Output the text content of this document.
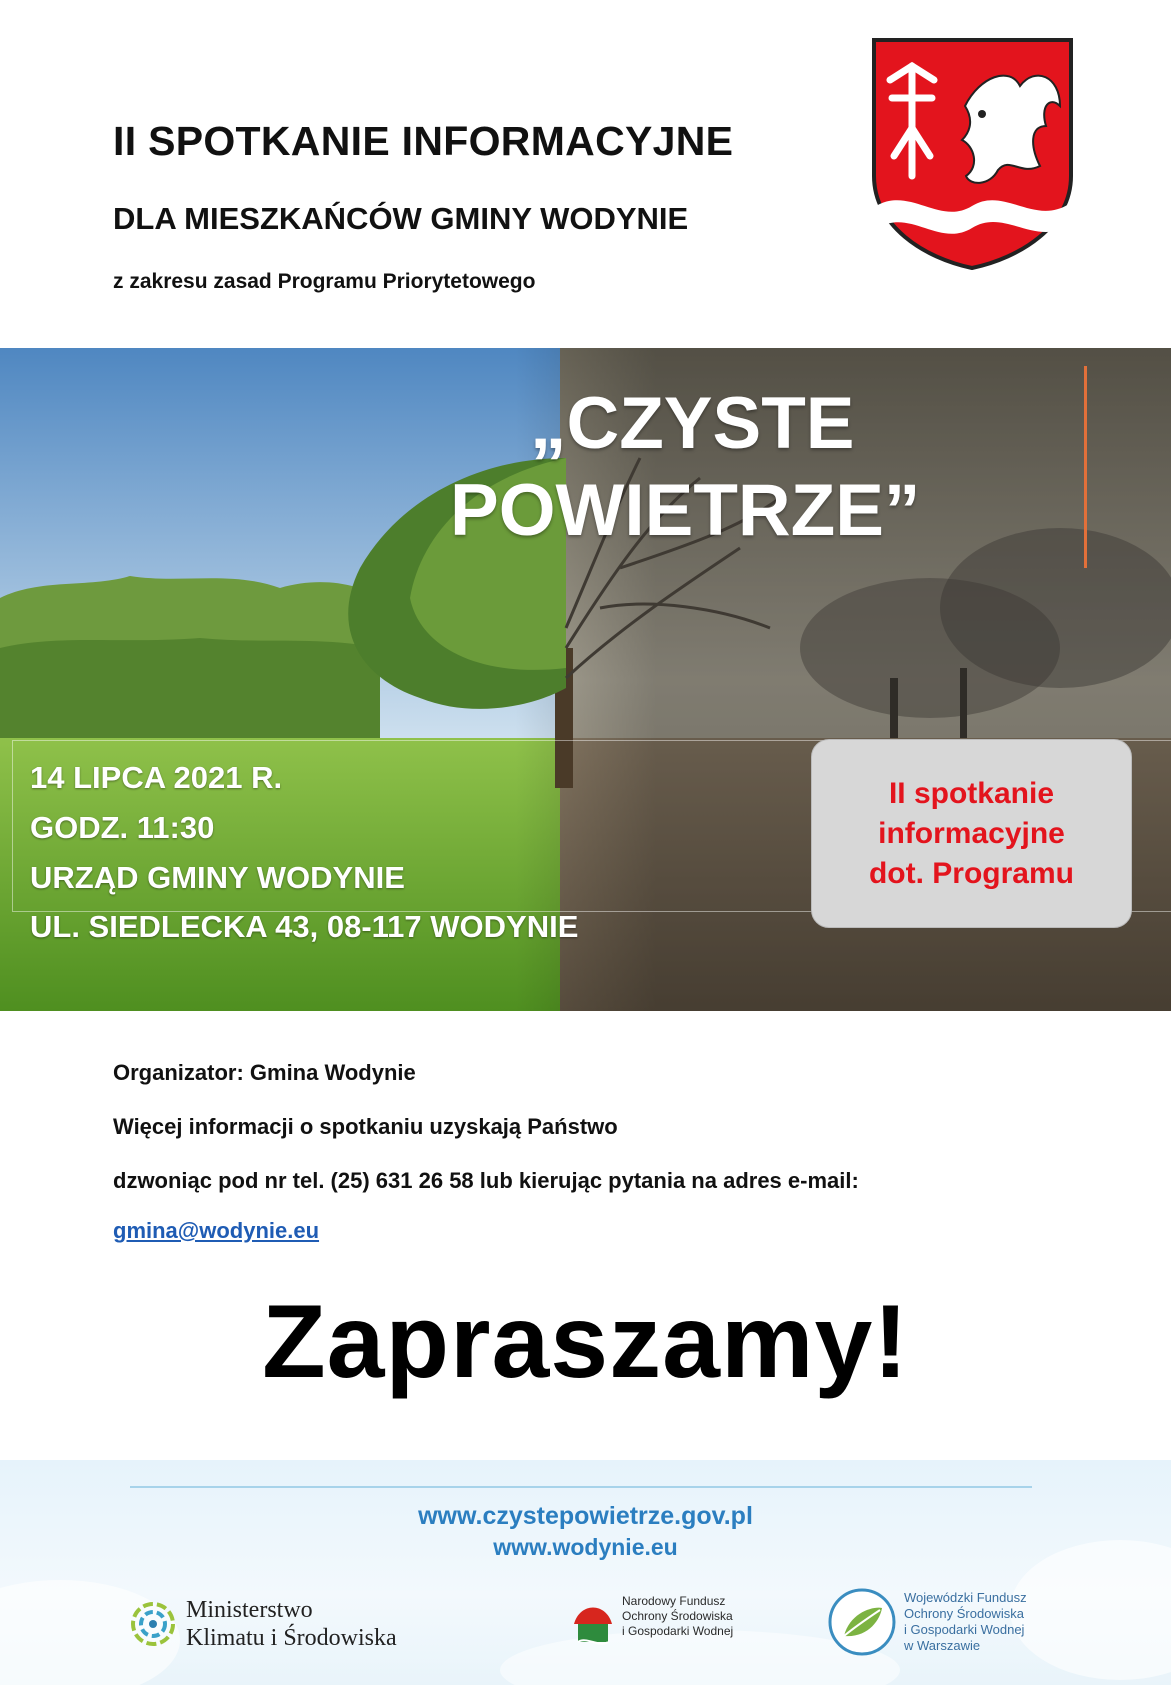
II SPOTKANIE INFORMACYJNE
DLA MIESZKAŃCÓW GMINY WODYNIE
z zakresu zasad Programu Priorytetowego
„CZYSTE
POWIETRZE”
14 LIPCA 2021 R.
GODZ. 11:30
URZĄD GMINY WODYNIE
UL. SIEDLECKA 43, 08-117 WODYNIE
II spotkanie
informacyjne
dot. Programu
Organizator: Gmina Wodynie
Więcej informacji o spotkaniu uzyskają Państwo
dzwoniąc pod nr tel. (25) 631 26 58 lub kierując pytania na adres e-mail:
gmina@wodynie.eu
Zapraszamy!
www.czystepowietrze.gov.pl
www.wodynie.eu
Ministerstwo
Klimatu i Środowiska
Narodowy Fundusz
Ochrony Środowiska
i Gospodarki Wodnej
Wojewódzki Fundusz
Ochrony Środowiska
i Gospodarki Wodnej
w Warszawie
